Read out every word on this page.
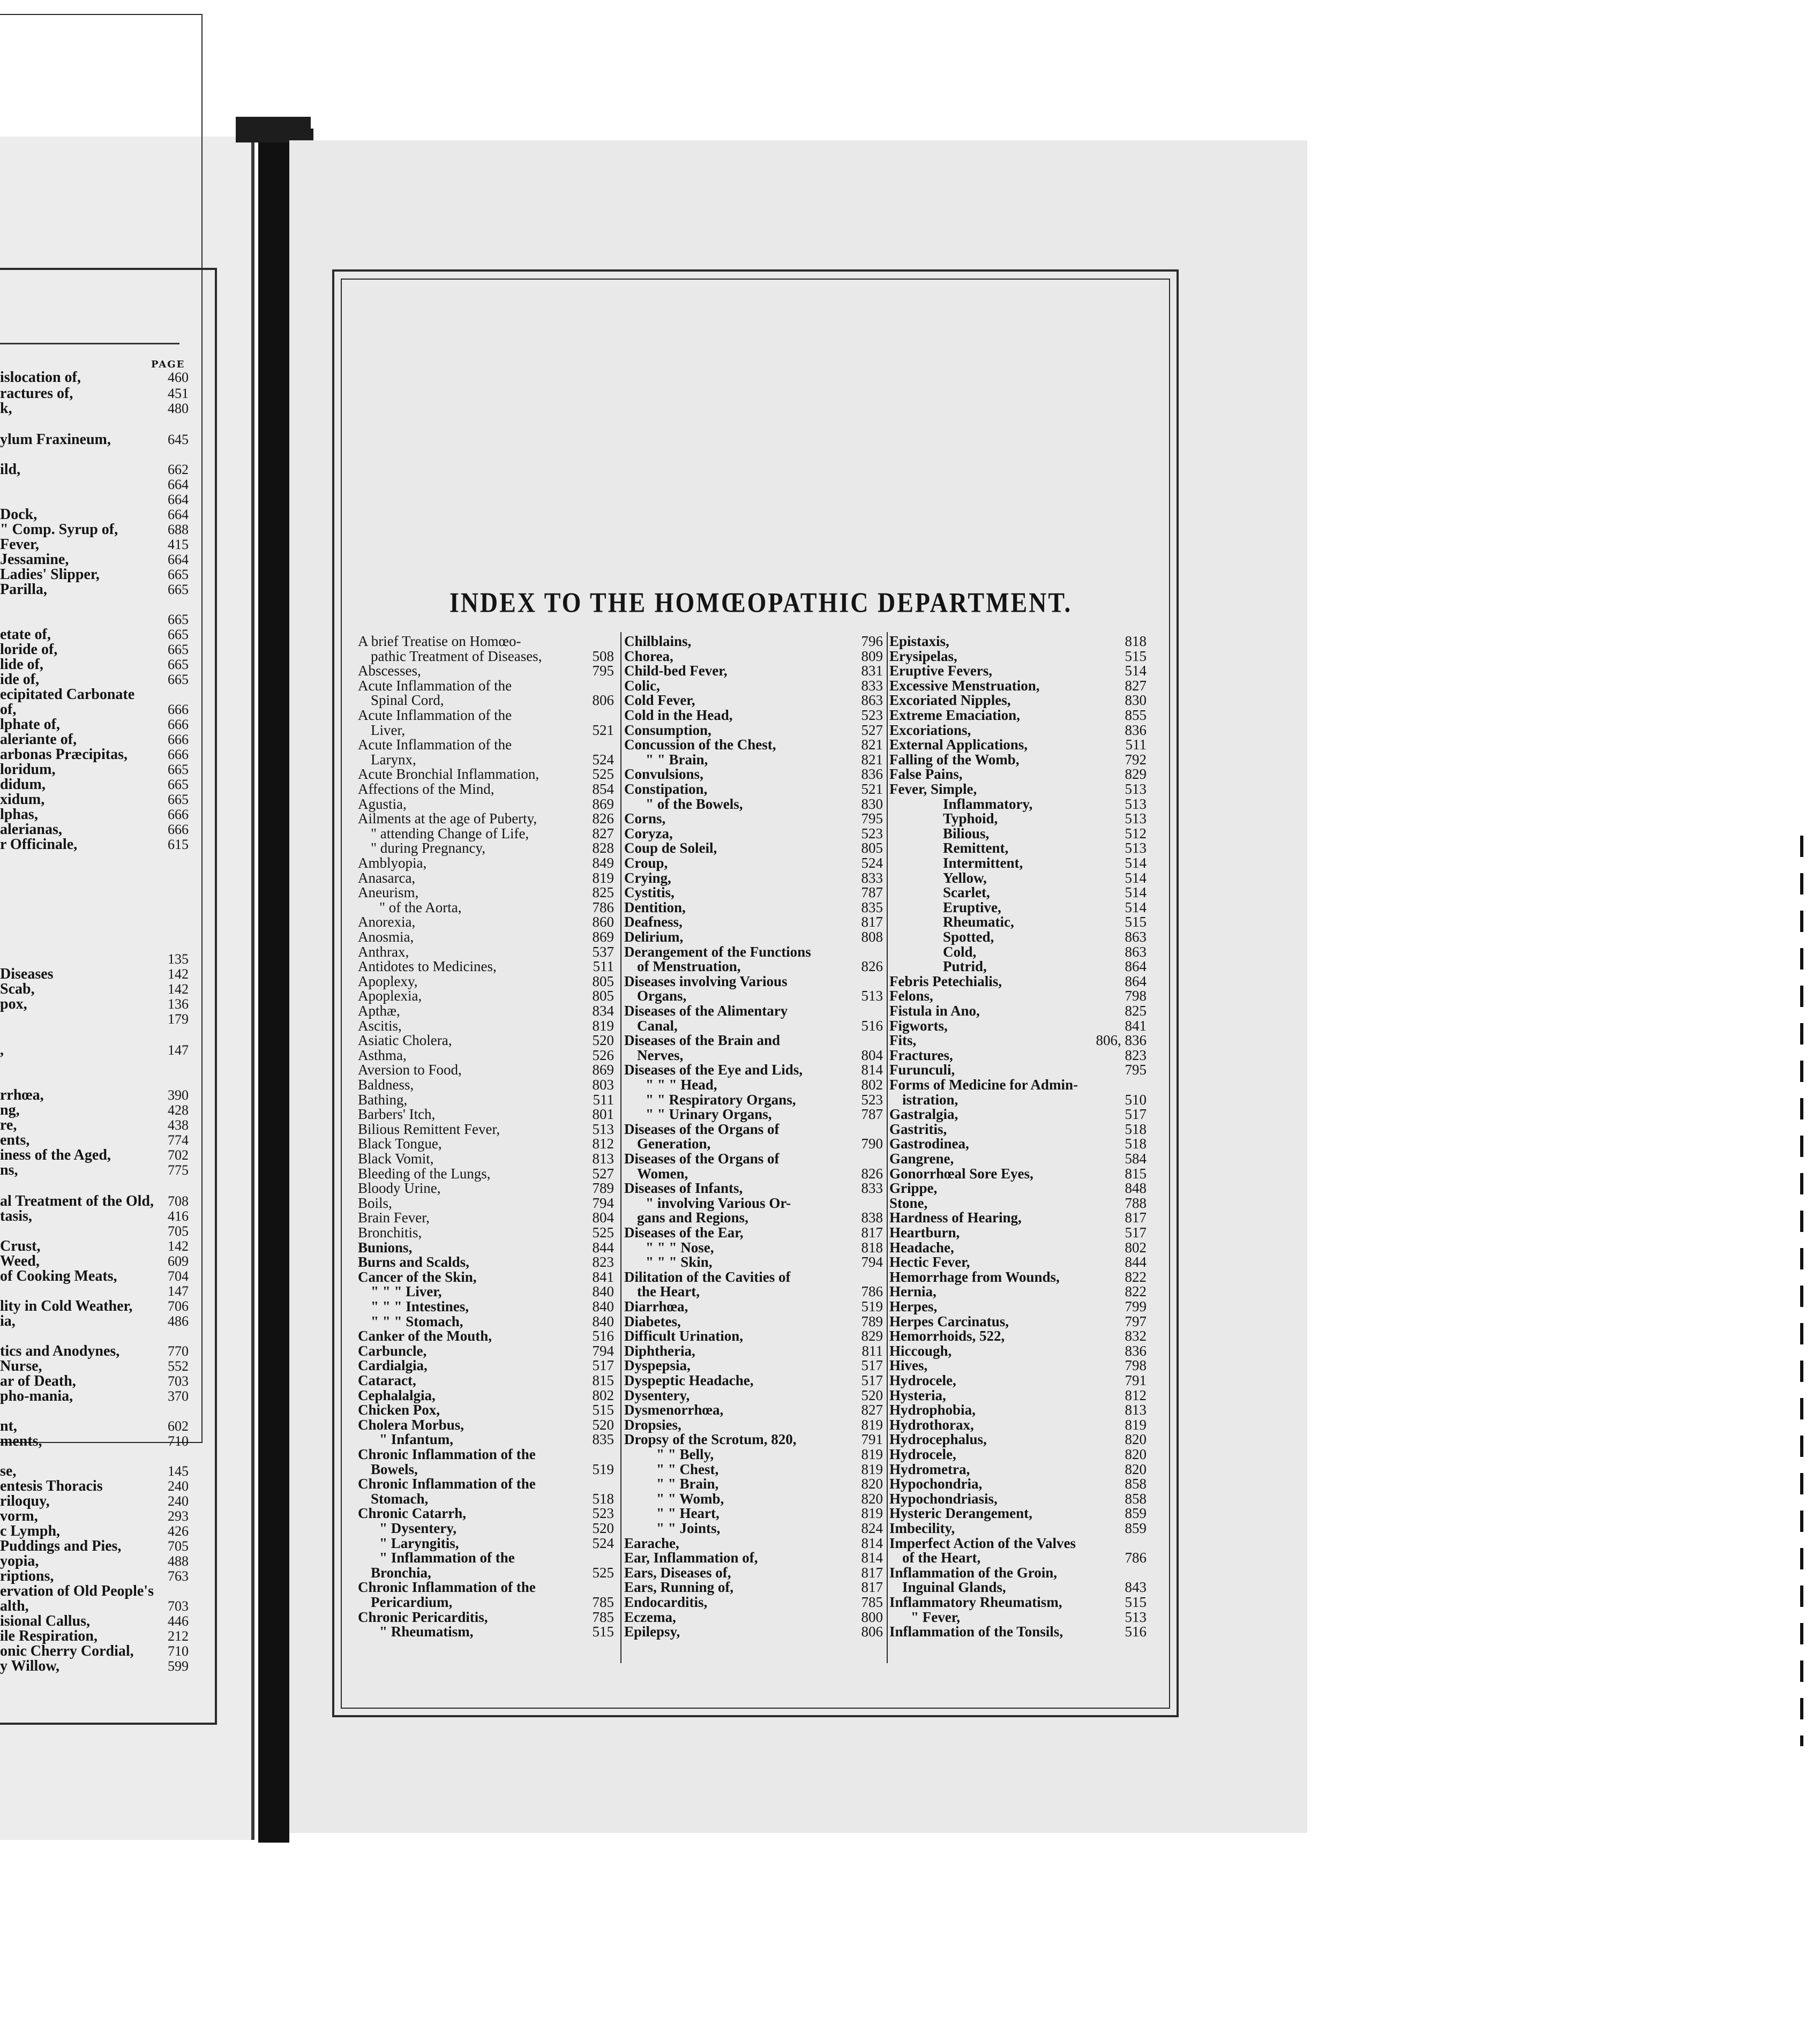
PAGE
islocation of,	460
ractures of,	451
k,	480
ylum Fraxineum,	645
ild,	662
664
664
Dock,	664
" Comp. Syrup of,	688
Fever,	415
Jessamine,	664
Ladies' Slipper,	665
Parilla,	665
665
etate of,	665
loride of,	665
lide of,	665
ide of,	665
ecipitated Carbonate
of,	666
lphate of,	666
aleriante of,	666
arbonas Præcipitas,	666
loridum,	665
didum,	665
xidum,	665
lphas,	666
alerianas,	666
r Officinale,	615
135
Diseases	142
Scab,	142
pox,	136
179
,	147
rrhœa,	390
ng,	428
re,	438
ents,	774
iness of the Aged,	702
ns,	775
al Treatment of the Old, 708
tasis,	416
705
Crust,	142
Weed,	609
of Cooking Meats,	704
147
lity in Cold Weather,	706
ia,	486
tics and Anodynes,	770
Nurse,	552
ar of Death,	703
pho-mania,	370
nt,	602
ments,	710
se,	145
entesis Thoracis	240
riloquy,	240
vorm,	293
c Lymph,	426
Puddings and Pies,	705
yopia,	488
riptions,	763
ervation of Old People's
alth,	703
isional Callus,	446
ile Respiration,	212
onic Cherry Cordial, 710
y Willow,	599
INDEX TO THE HOMŒOPATHIC DEPARTMENT.
A brief Treatise on Homœo-
pathic Treatment of Diseases,	508
Abscesses,	795
Acute Inflammation of the
Spinal Cord,	806
Acute Inflammation of the
Liver,	521
Acute Inflammation of the
Larynx,	524
Acute Bronchial Inflammation,	525
Affections of the Mind,	854
Agustia,	869
Ailments at the age of Puberty,	826
" attending Change of Life,	827
" during Pregnancy,	828
Amblyopia,	849
Anasarca,	819
Aneurism,	825
" of the Aorta,	786
Anorexia,	860
Anosmia,	869
Anthrax,	537
Antidotes to Medicines,	511
Apoplexy,	805
Apoplexia,	805
Apthæ,	834
Ascitis,	819
Asiatic Cholera,	520
Asthma,	526
Aversion to Food,	869
Baldness,	803
Bathing,	511
Barbers' Itch,	801
Bilious Remittent Fever,	513
Black Tongue,	812
Black Vomit,	813
Bleeding of the Lungs,	527
Bloody Urine,	789
Boils,	794
Brain Fever,	804
Bronchitis,	525
Bunions,	844
Burns and Scalds,	823
Cancer of the Skin,	841
" " " Liver,	840
" " " Intestines,	840
" " " Stomach,	840
Canker of the Mouth,	516
Carbuncle,	794
Cardialgia,	517
Cataract,	815
Cephalalgia,	802
Chicken Pox,	515
Cholera Morbus,	520
" Infantum,	835
Chronic Inflammation of the
Bowels,	519
Chronic Inflammation of the
Stomach,	518
Chronic Catarrh,	523
" Dysentery,	520
" Laryngitis,	524
" Inflammation of the
Bronchia,	525
Chronic Inflammation of the
Pericardium,	785
Chronic Pericarditis,	785
" Rheumatism,	515
Chilblains,	796
Chorea,	809
Child-bed Fever,	831
Colic,	833
Cold Fever,	863
Cold in the Head,	523
Consumption,	527
Concussion of the Chest,	821
" " Brain,	821
Convulsions,	836
Constipation,	521
" of the Bowels,	830
Corns,	795
Coryza,	523
Coup de Soleil,	805
Croup,	524
Crying,	833
Cystitis,	787
Dentition,	835
Deafness,	817
Delirium,	808
Derangement of the Functions
of Menstruation,	826
Diseases involving Various
Organs,	513
Diseases of the Alimentary
Canal,	516
Diseases of the Brain and
Nerves,	804
Diseases of the Eye and Lids,	814
" " " Head,	802
" " Respiratory Organs,	523
" " Urinary Organs,	787
Diseases of the Organs of
Generation,	790
Diseases of the Organs of
Women,	826
Diseases of Infants,	833
" involving Various Or-
gans and Regions,	838
Diseases of the Ear,	817
" " " Nose,	818
" " " Skin,	794
Dilitation of the Cavities of
the Heart,	786
Diarrhœa,	519
Diabetes,	789
Difficult Urination,	829
Diphtheria,	811
Dyspepsia,	517
Dyspeptic Headache,	517
Dysentery,	520
Dysmenorrhœa,	827
Dropsies,	819
Dropsy of the Scrotum, 820,	791
" " Belly,	819
" " Chest,	819
" " Brain,	820
" " Womb,	820
" " Heart,	819
" " Joints,	824
Earache,	814
Ear, Inflammation of,	814
Ears, Diseases of,	817
Ears, Running of,	817
Endocarditis,	785
Eczema,	800
Epilepsy,	806
Epistaxis,	818
Erysipelas,	515
Eruptive Fevers,	514
Excessive Menstruation,	827
Excoriated Nipples,	830
Extreme Emaciation,	855
Excoriations,	836
External Applications,	511
Falling of the Womb,	792
False Pains,	829
Fever, Simple,	513
Inflammatory,	513
Typhoid,	513
Bilious,	512
Remittent,	513
Intermittent,	514
Yellow,	514
Scarlet,	514
Eruptive,	514
Rheumatic,	515
Spotted,	863
Cold,	863
Putrid,	864
Febris Petechialis,	864
Felons,	798
Fistula in Ano,	825
Figworts,	841
Fits,	806, 836
Fractures,	823
Furunculi,	795
Forms of Medicine for Admin-
istration,	510
Gastralgia,	517
Gastritis,	518
Gastrodinea,	518
Gangrene,	584
Gonorrhœal Sore Eyes,	815
Grippe,	848
Stone,	788
Hardness of Hearing,	817
Heartburn,	517
Headache,	802
Hectic Fever,	844
Hemorrhage from Wounds,	822
Hernia,	822
Herpes,	799
Herpes Carcinatus,	797
Hemorrhoids, 522,	832
Hiccough,	836
Hives,	798
Hydrocele,	791
Hysteria,	812
Hydrophobia,	813
Hydrothorax,	819
Hydrocephalus,	820
Hydrocele,	820
Hydrometra,	820
Hypochondria,	858
Hypochondriasis,	858
Hysteric Derangement,	859
Imbecility,	859
Imperfect Action of the Valves
of the Heart,	786
Inflammation of the Groin,
Inguinal Glands,	843
Inflammatory Rheumatism,	515
" Fever,	513
Inflammation of the Tonsils,	516
